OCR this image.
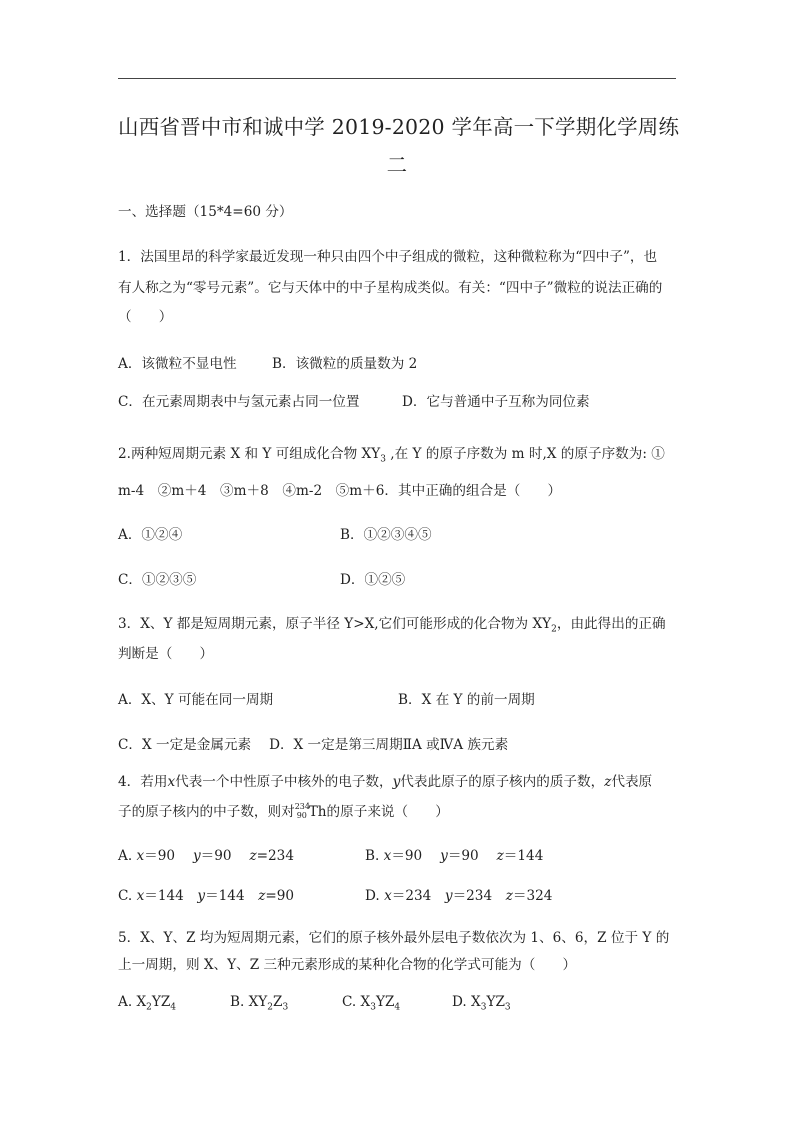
山西省晋中市和诚中学 2019-2020 学年高一下学期化学周练
二
一、选择题（15*4=60 分）
1．法国里昂的科学家最近发现一种只由四个中子组成的微粒，这种微粒称为“四中子”，也
有人称之为“零号元素”。它与天体中的中子星构成类似。有关：“四中子”微粒的说法正确的
（　　）
A．该微粒不显电性	B．该微粒的质量数为 2
C．在元素周期表中与氢元素占同一位置	D．它与普通中子互称为同位素
2.两种短周期元素 X 和 Y 可组成化合物 $XY_3$ ,在 Y 的原子序数为 m 时,X 的原子序数为: ①
m-4　②m＋4　③m＋8　④m-2　⑤m＋6．其中正确的组合是（　　）
A．①②④	B．①②③④⑤
C．①②③⑤	D．①②⑤
3．X、Y 都是短周期元素，原子半径 Y>X,它们可能形成的化合物为 $XY_2$，由此得出的正确
判断是（　　）
A．X、Y 可能在同一周期	B．X 在 Y 的前一周期
C．X 一定是金属元素　 D．X 一定是第三周期ⅡA 或ⅣA 族元素
4．若用x代表一个中性原子中核外的电子数，y代表此原子的原子核内的质子数，z代表原
子的原子核内的中子数，则对 234
90 Th的原子来说（　　）
A. x＝90　 y＝90　 z=234	B. x＝90　 y＝90　 z＝144
C. x＝144　y＝144　z=90	D. x＝234　y＝234　z＝324
5．X、Y、Z 均为短周期元素，它们的原子核外最外层电子数依次为 1、6、6，Z 位于 Y 的
上一周期，则 X、Y、Z 三种元素形成的某种化合物的化学式可能为（　　）
A. $X_2YZ_4$	B. $XY_2Z_3$	C. $X_3YZ_4$	D. $X_3YZ_3$
